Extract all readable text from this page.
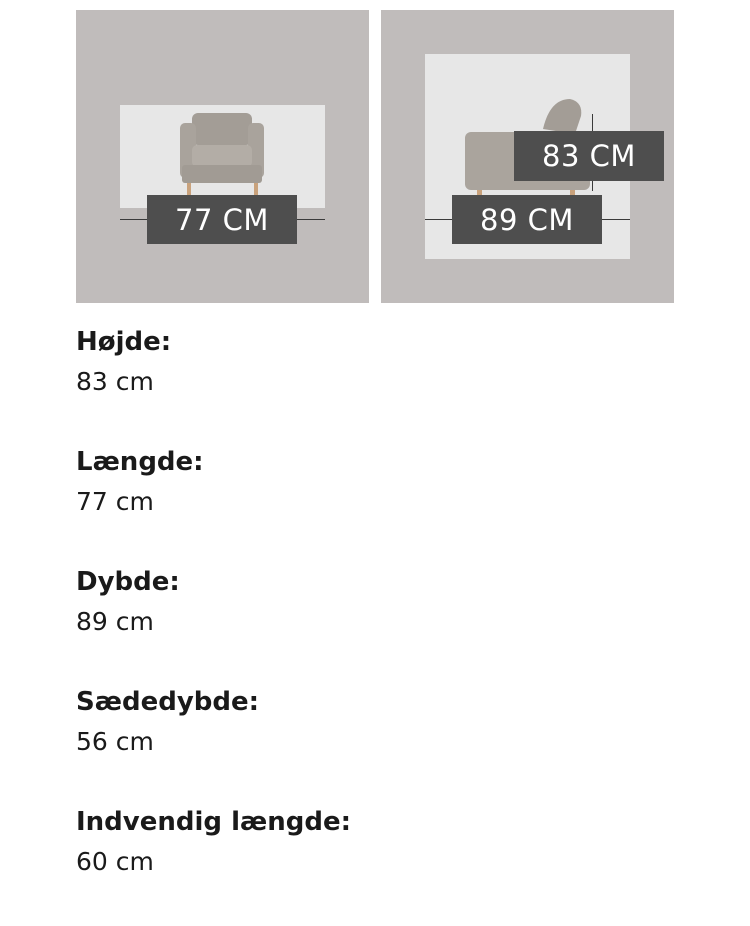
77 CM
83 CM
89 CM
Højde:
83 cm
Længde:
77 cm
Dybde:
89 cm
Sædedybde:
56 cm
Indvendig længde:
60 cm
